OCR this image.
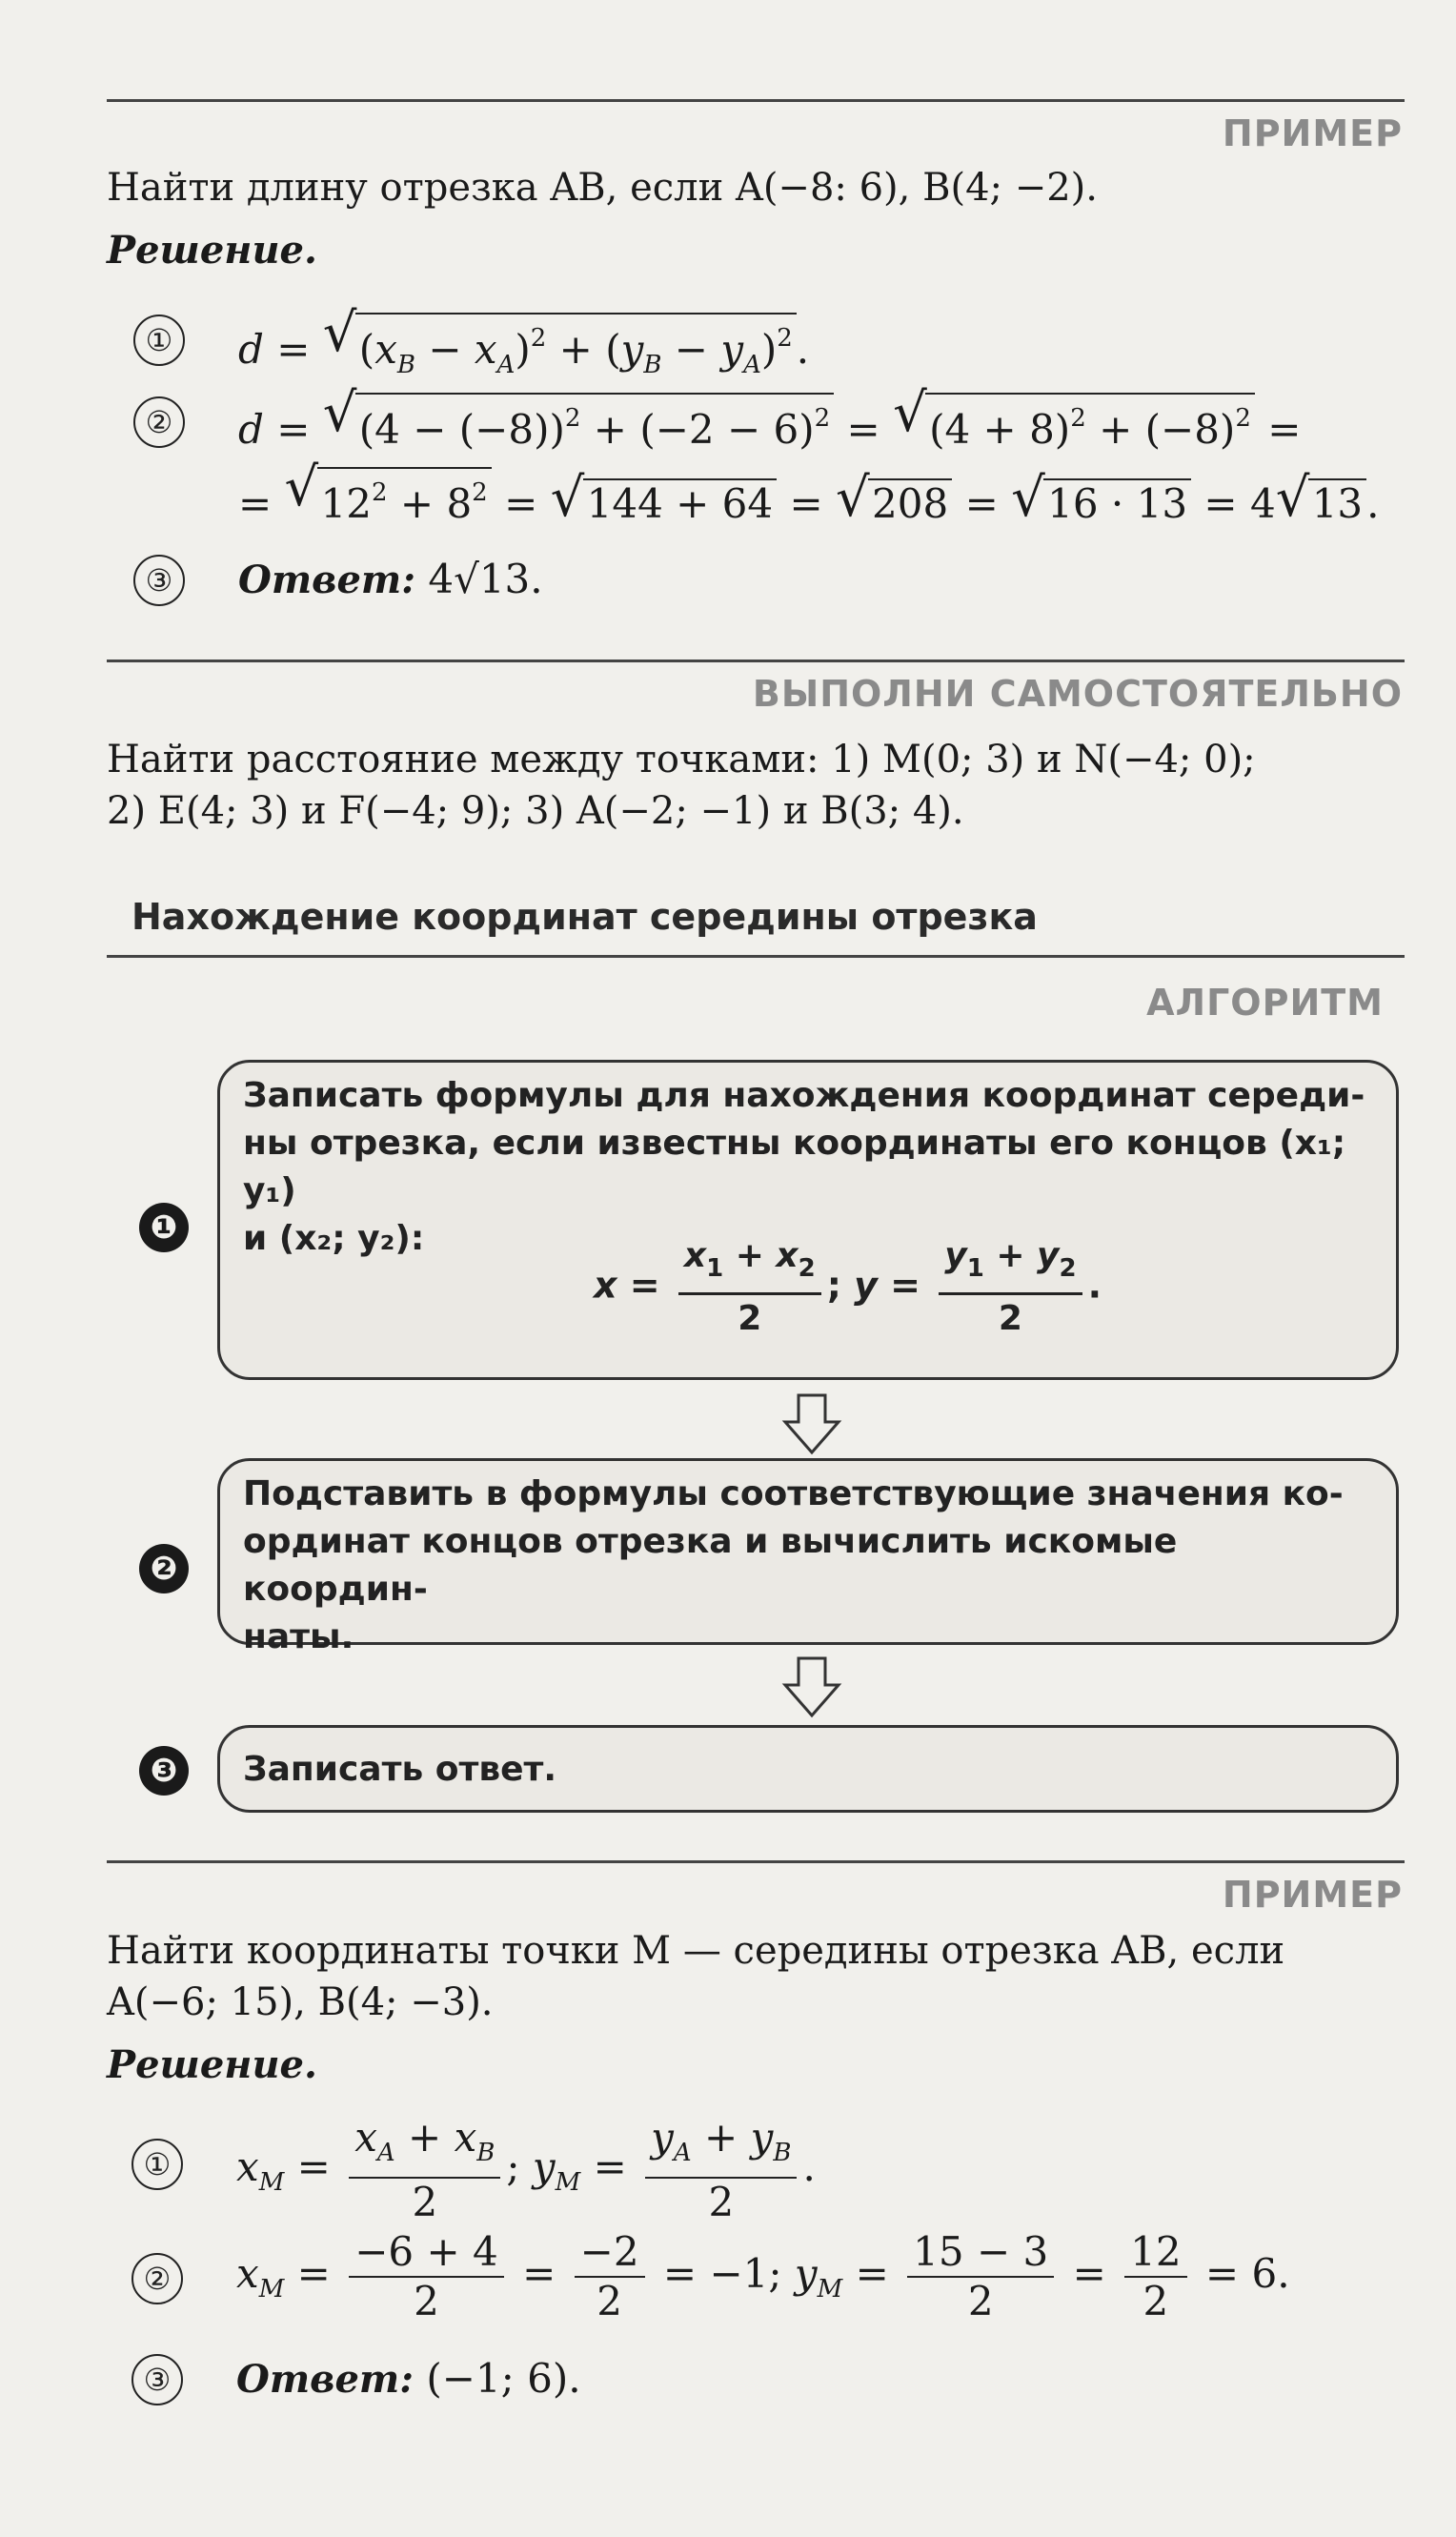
ПРИМЕР
Найти длину отрезка AB, если A(−8: 6), B(4; −2).
Решение.
①	d = √ $(x_B - x_A)^2 + (y_B - y_A)^2$.
②	d = √ $(4 - (-8))^2 + (-2 - 6)^2$ = √ $(4 + 8)^2 + (-8)^2$ =
= √ $12^2 + 8^2$ = √ 144 + 64 = √ 208 = √ 16 · 13 = 4√ 13.
③	Ответ: 4√13.
ВЫПОЛНИ САМОСТОЯТЕЛЬНО
Найти расстояние между точками: 1) M(0; 3) и N(−4; 0);
2) E(4; 3) и F(−4; 9); 3) A(−2; −1) и B(3; 4).
Нахождение координат середины отрезка
АЛГОРИТМ
❶
Записать формулы для нахождения координат середи-
ны отрезка, если известны координаты его концов (x₁; y₁)
и (x₂; y₂):
$x = \frac{x_1 + x_2}{2}$ ; $y = \frac{y_1 + y_2}{2}$ .
❷
Подставить в формулы соответствующие значения ко-
ординат концов отрезка и вычислить искомые координ-
наты.
❸	Записать ответ.
ПРИМЕР
Найти координаты точки M — середины отрезка AB, если
A(−6; 15), B(4; −3).
Решение.
①	$x_M = \frac{x_A + x_B}{2}$ ; $y_M = \frac{y_A + y_B}{2}$ .
②	$x_M = \frac{-6 + 4}{2} = \frac{-2}{2} = -1$; $y_M = \frac{15 - 3}{2} = \frac{12}{2} = 6$.
③	Ответ: (−1; 6).
